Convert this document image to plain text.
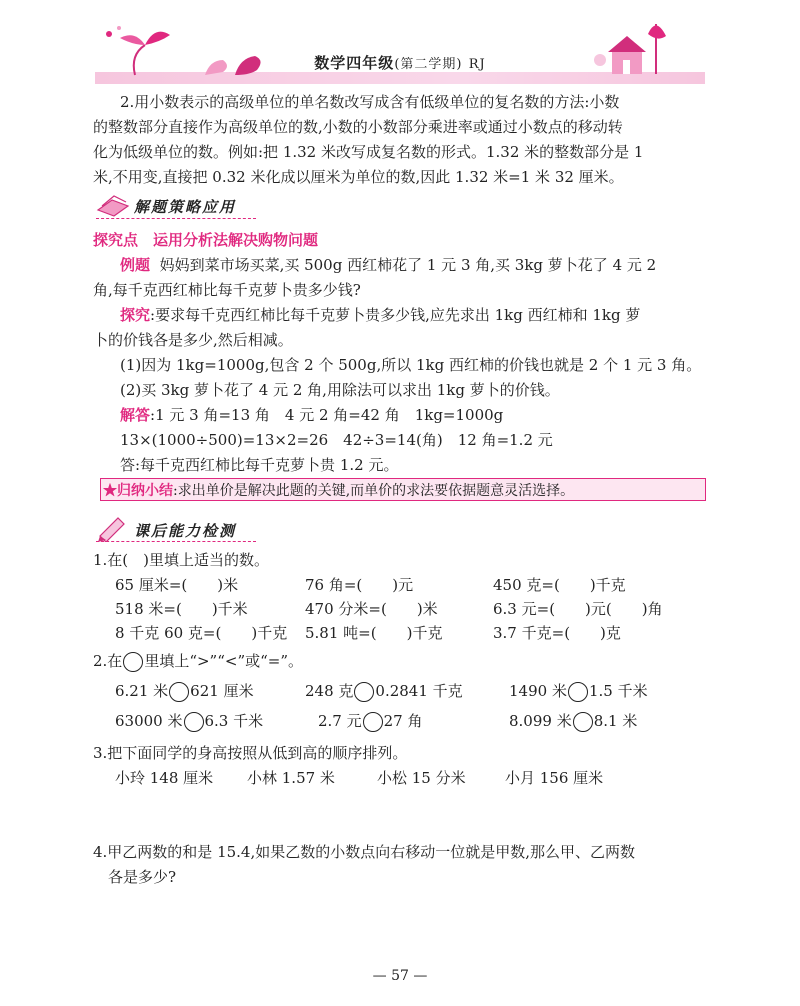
数学四年级(第二学期) RJ
2.用小数表示的高级单位的单名数改写成含有低级单位的复名数的方法:小数
的整数部分直接作为高级单位的数,小数的小数部分乘进率或通过小数点的移动转
化为低级单位的数。例如:把 1.32 米改写成复名数的形式。1.32 米的整数部分是 1
米,不用变,直接把 0.32 米化成以厘米为单位的数,因此 1.32 米=1 米 32 厘米。
解题策略应用
探究点　运用分析法解决购物问题
例题 妈妈到菜市场买菜,买 500g 西红柿花了 1 元 3 角,买 3kg 萝卜花了 4 元 2
角,每千克西红柿比每千克萝卜贵多少钱?
探究:要求每千克西红柿比每千克萝卜贵多少钱,应先求出 1kg 西红柿和 1kg 萝
卜的价钱各是多少,然后相减。
(1)因为 1kg=1000g,包含 2 个 500g,所以 1kg 西红柿的价钱也就是 2 个 1 元 3 角。
(2)买 3kg 萝卜花了 4 元 2 角,用除法可以求出 1kg 萝卜的价钱。
解答:1 元 3 角=13 角　4 元 2 角=42 角　1kg=1000g
13×(1000÷500)=13×2=26　42÷3=14(角)　12 角=1.2 元
答:每千克西红柿比每千克萝卜贵 1.2 元。
★归纳小结:求出单价是解决此题的关键,而单价的求法要依据题意灵活选择。
课后能力检测
1.在(　)里填上适当的数。
65 厘米=(　　)米	76 角=(　　)元	450 克=(　　)千克
518 米=(　　)千米	470 分米=(　　)米	6.3 元=(　　)元(　　)角
8 千克 60 克=(　　)千克 5.81 吨=(　　)千克	3.7 千克=(　　)克
2.在 里填上“>”“<”或“=”。
6.21 米 621 厘米	248 克 0.2841 千克	1490 米 1.5 千米
63000 米 6.3 千米	2.7 元 27 角	8.099 米 8.1 米
3.把下面同学的身高按照从低到高的顺序排列。
小玲 148 厘米 小林 1.57 米	小松 15 分米	小月 156 厘米
4.甲乙两数的和是 15.4,如果乙数的小数点向右移动一位就是甲数,那么甲、乙两数
各是多少?
— 57 —
